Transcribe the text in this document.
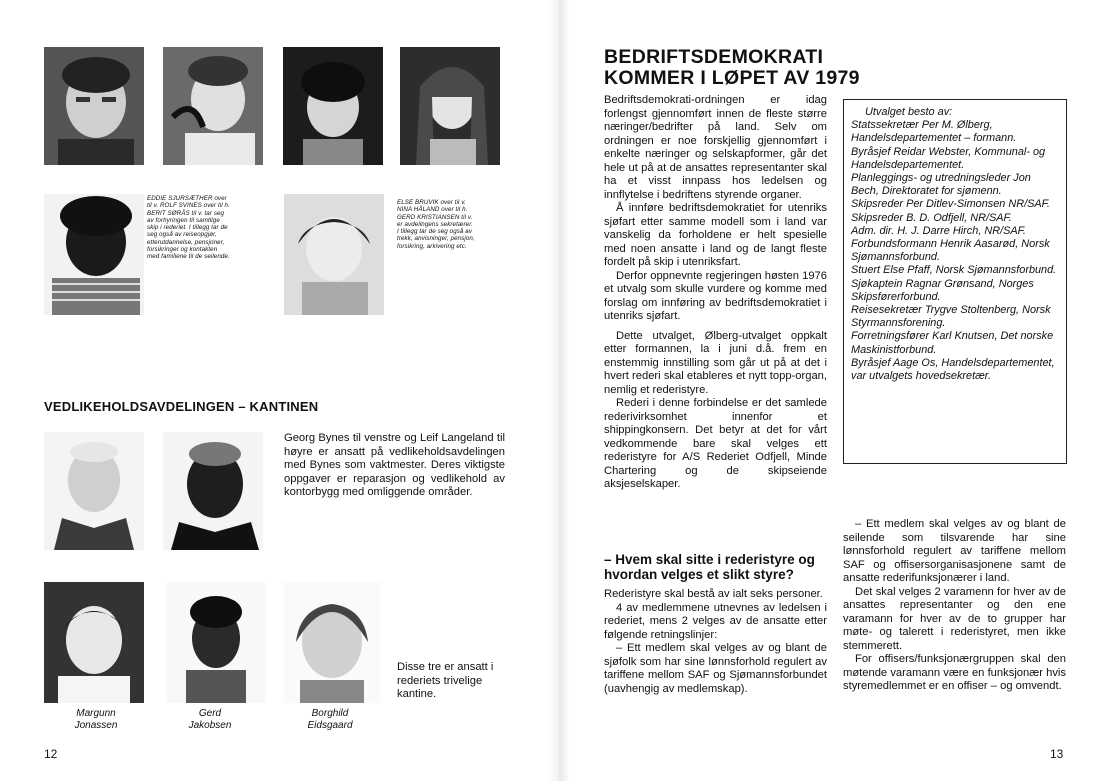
EDDIE SJURSÆTHER over
til v. ROLF SVINES over til h.
BERIT SØRÅS til v. tar seg
av forhyringen til samtlige
skip i rederiet. I tillegg tar de
seg også av reiseopgjør,
etterutdannelse, pensjoner,
forsikringer og kontakten
med familiene til de seilende.
ELSE BRUVIK over til v.
NINA HÅLAND over til h.
GERD KRISTIANSEN til v.
er avdelingens sekretærer.
I tillegg tar de seg også av
trekk, anvisninger, pensjon,
forsikring, arkivering etc.
VEDLIKEHOLDSAVDELINGEN – KANTINEN
Georg Bynes til venstre og Leif Langeland til høyre er ansatt på vedlikeholdsavdelingen med Bynes som vaktmester. Deres viktigste oppgaver er reparasjon og vedlikehold av kontorbygg med omliggende områder.
Disse tre er ansatt i rederiets trivelige kantine.
Margunn
Jonassen
Gerd
Jakobsen
Borghild
Eidsgaard
12
BEDRIFTSDEMOKRATI
KOMMER I LØPET AV 1979

Bedriftsdemokrati-ordningen er idag forlengst gjennomført innen de fleste større næringer/bedrifter på land. Selv om ordningen er noe forskjellig gjennomført i enkelte næringer og selskapformer, går det hele ut på at de ansattes representanter skal ha et visst innpass hos ledelsen og innflytelse i bedriftens styrende organer.

Å innføre bedriftsdemokratiet for utenriks sjøfart etter samme modell som i land var vanskelig da forholdene er helt spesielle med noen ansatte i land og de langt fleste fordelt på skip i utenriksfart.

Derfor oppnevnte regjeringen høsten 1976 et utvalg som skulle vurdere og komme med forslag om innføring av bedriftsdemokratiet i utenriks sjøfart.

Dette utvalget, Ølberg-utvalget oppkalt etter formannen, la i juni d.å. frem en enstemmig innstilling som går ut på at det i hvert rederi skal etableres et nytt topp-organ, nemlig et rederistyre.

Rederi i denne forbindelse er det samlede rederivirksomhet innenfor et shippingkonsern. Det betyr at det for vårt vedkommende bare skal velges ett rederistyre for A/S Rederiet Odfjell, Minde Chartering og de skipseiende aksjeselskaper.

Utvalget besto av:
Statssekretær Per M. Ølberg, Handelsdepartementet – formann.
Byråsjef Reidar Webster, Kommunal- og Handelsdepartementet.
Planleggings- og utredningsleder Jon Bech, Direktoratet for sjømenn.
Skipsreder Per Ditlev-Simonsen NR/SAF.
Skipsreder B. D. Odfjell, NR/SAF.
Adm. dir. H. J. Darre Hirch, NR/SAF.
Forbundsformann Henrik Aasarød, Norsk Sjømannsforbund.
Stuert Else Pfaff, Norsk Sjømannsforbund.
Sjøkaptein Ragnar Grønsand, Norges Skipsførerforbund.
Reisesekretær Trygve Stoltenberg, Norsk Styrmannsforening.
Forretningsfører Karl Knutsen, Det norske Maskinistforbund.
Byråsjef Aage Os, Handelsdepartementet, var utvalgets hovedsekretær.
– Hvem skal sitte i rederistyre og hvordan velges et slikt styre?

Rederistyre skal bestå av ialt seks personer.

4 av medlemmene utnevnes av ledelsen i rederiet, mens 2 velges av de ansatte etter følgende retningslinjer:

– Ett medlem skal velges av og blant de sjøfolk som har sine lønnsforhold regulert av tariffene mellom SAF og Sjømannsforbundet (uavhengig av medlemskap).

– Ett medlem skal velges av og blant de seilende som tilsvarende har sine lønnsforhold regulert av tariffene mellom SAF og offisersorganisasjonene samt de ansatte rederifunksjonærer i land.

Det skal velges 2 varamenn for hver av de ansattes representanter og den ene varamann for hver av de to grupper har møte- og talerett i rederistyret, men ikke stemmerett.

For offisers/funksjonærgruppen skal den møtende varamann være en funksjonær hvis styremedlemmet er en offiser – og omvendt.

13
